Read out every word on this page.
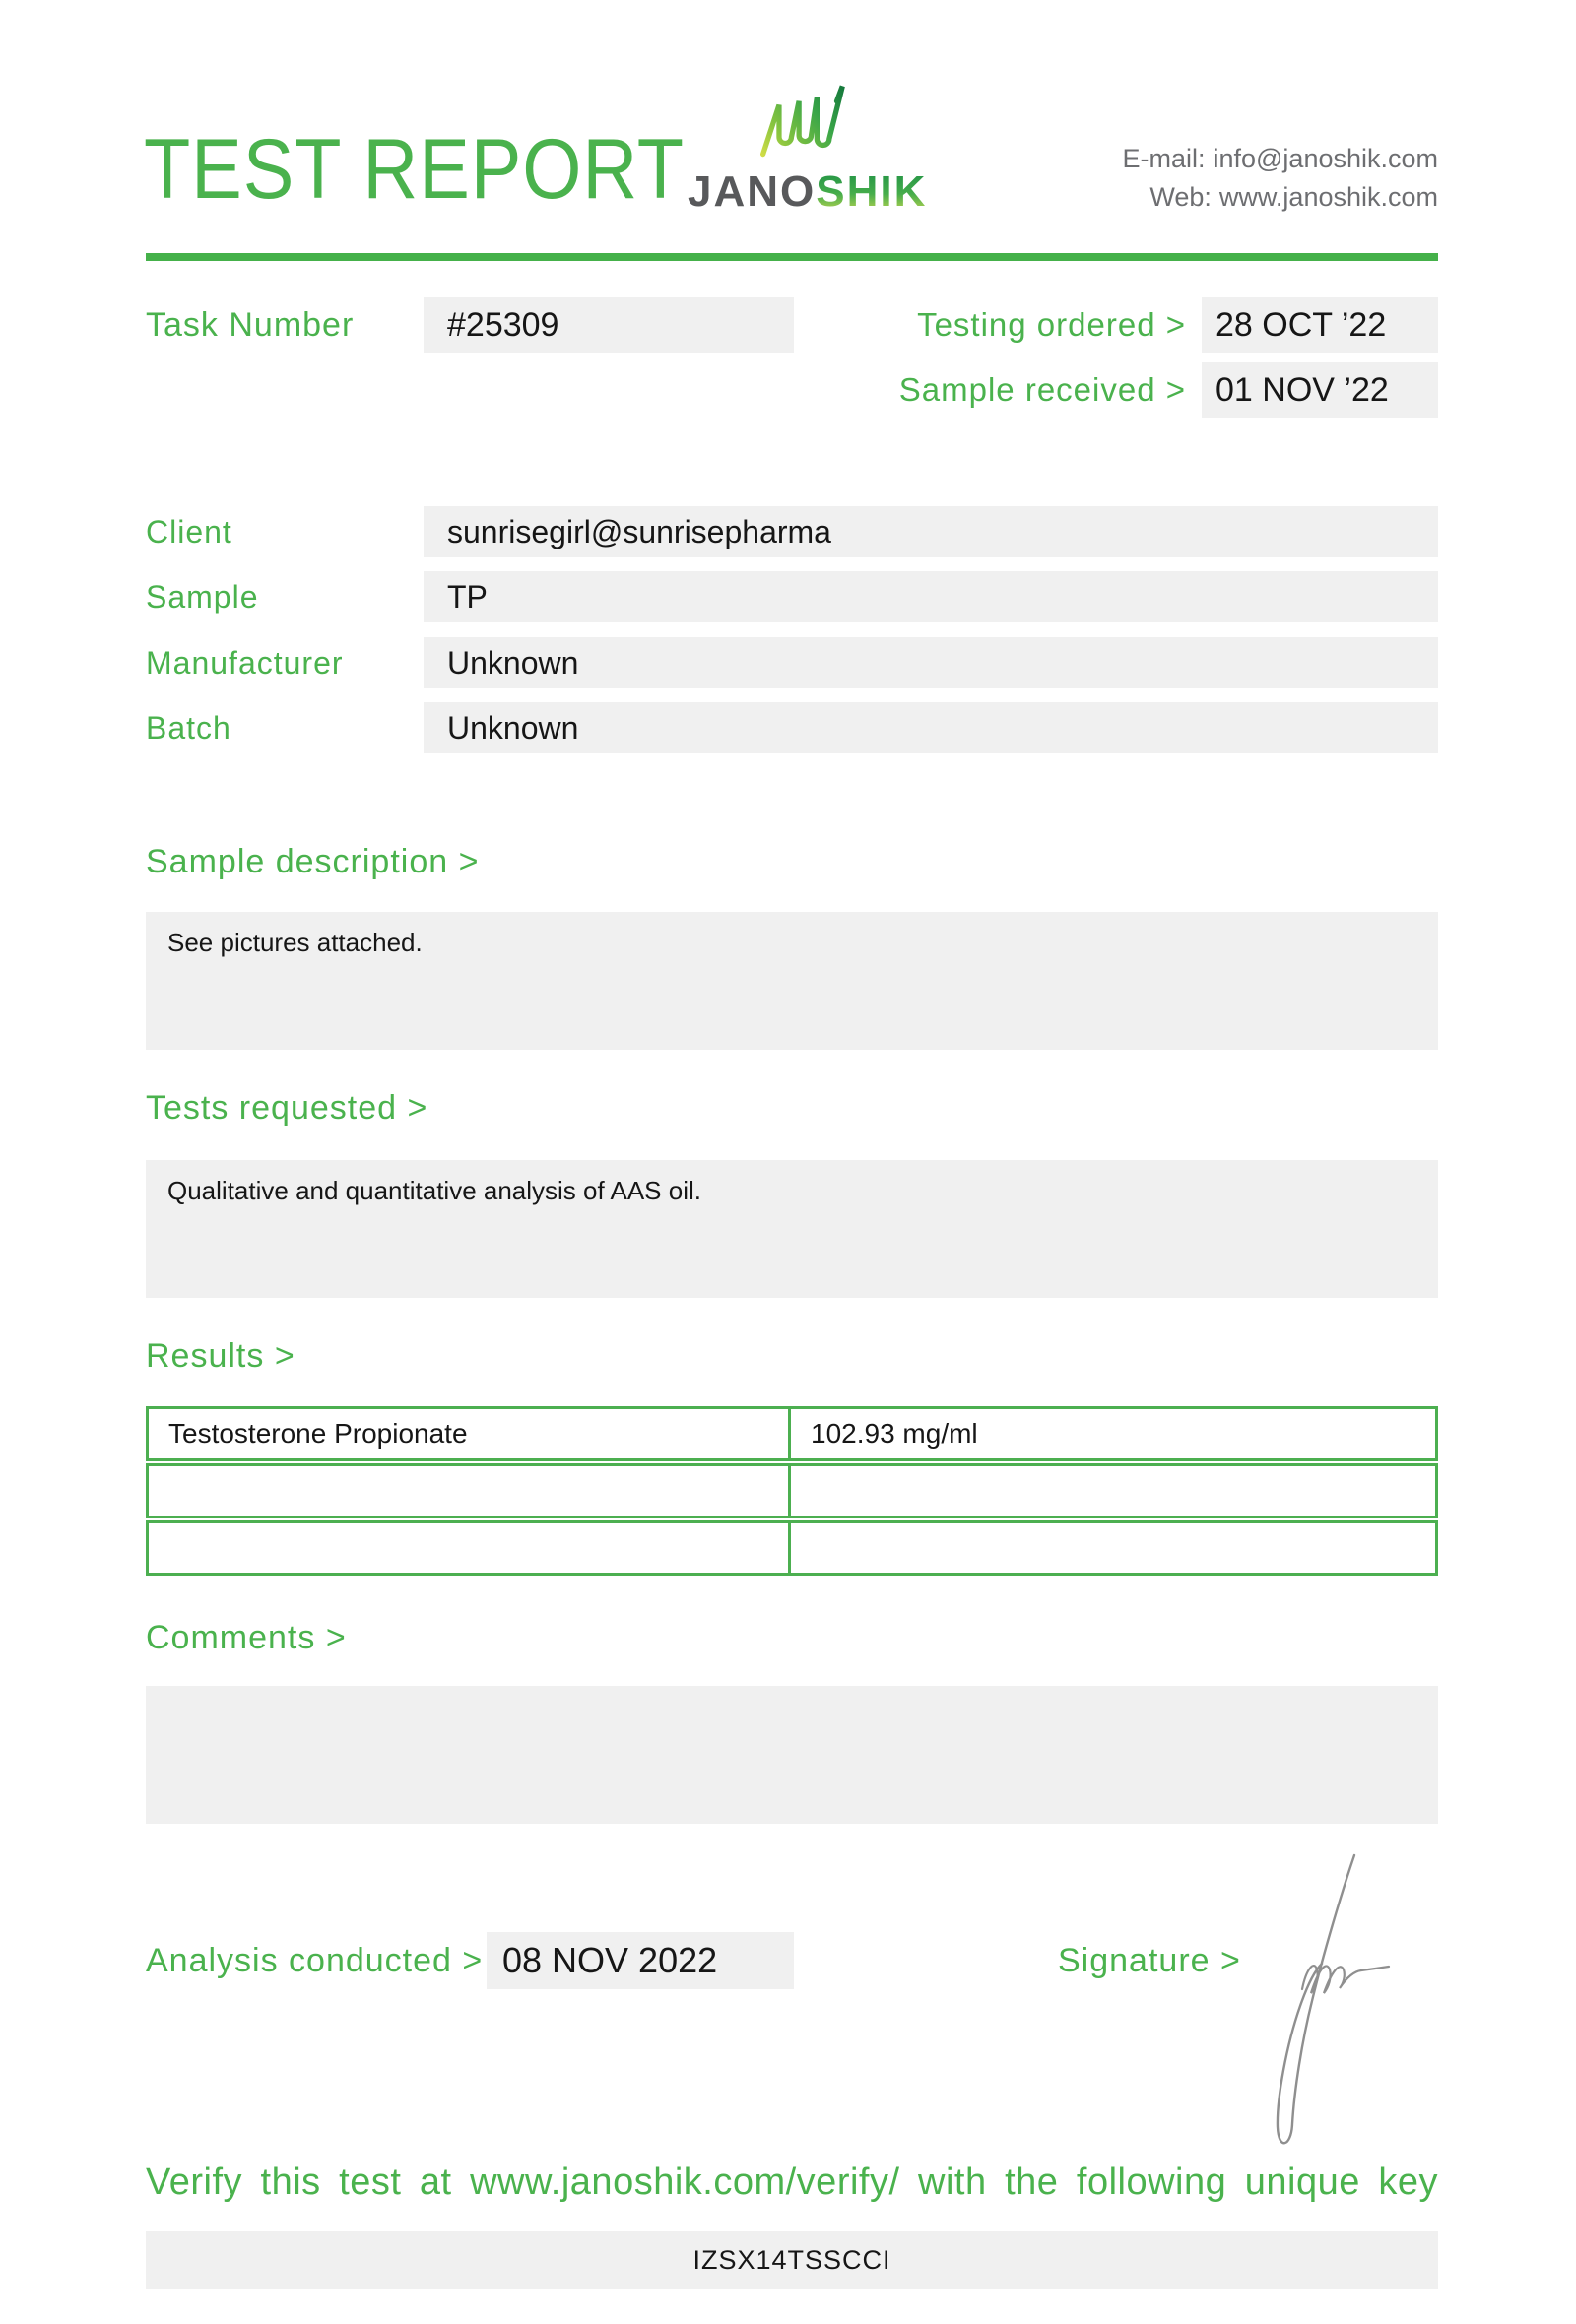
TEST REPORT JANOSHIK
E-mail: info@janoshik.com
Web: www.janoshik.com
Task Number	#25309	Testing ordered > 28 OCT ’22
Sample received > 01 NOV ’22
Client	sunrisegirl@sunrisepharma
Sample	TP
Manufacturer	Unknown
Batch	Unknown
Sample description >
See pictures attached.
Tests requested >
Qualitative and quantitative analysis of AAS oil.
Results >
Testosterone Propionate	102.93 mg/ml
Comments >
Analysis conducted > 08 NOV 2022	Signature >
Verify this test at www.janoshik.com/verify/ with the following unique key
IZSX14TSSCCI
